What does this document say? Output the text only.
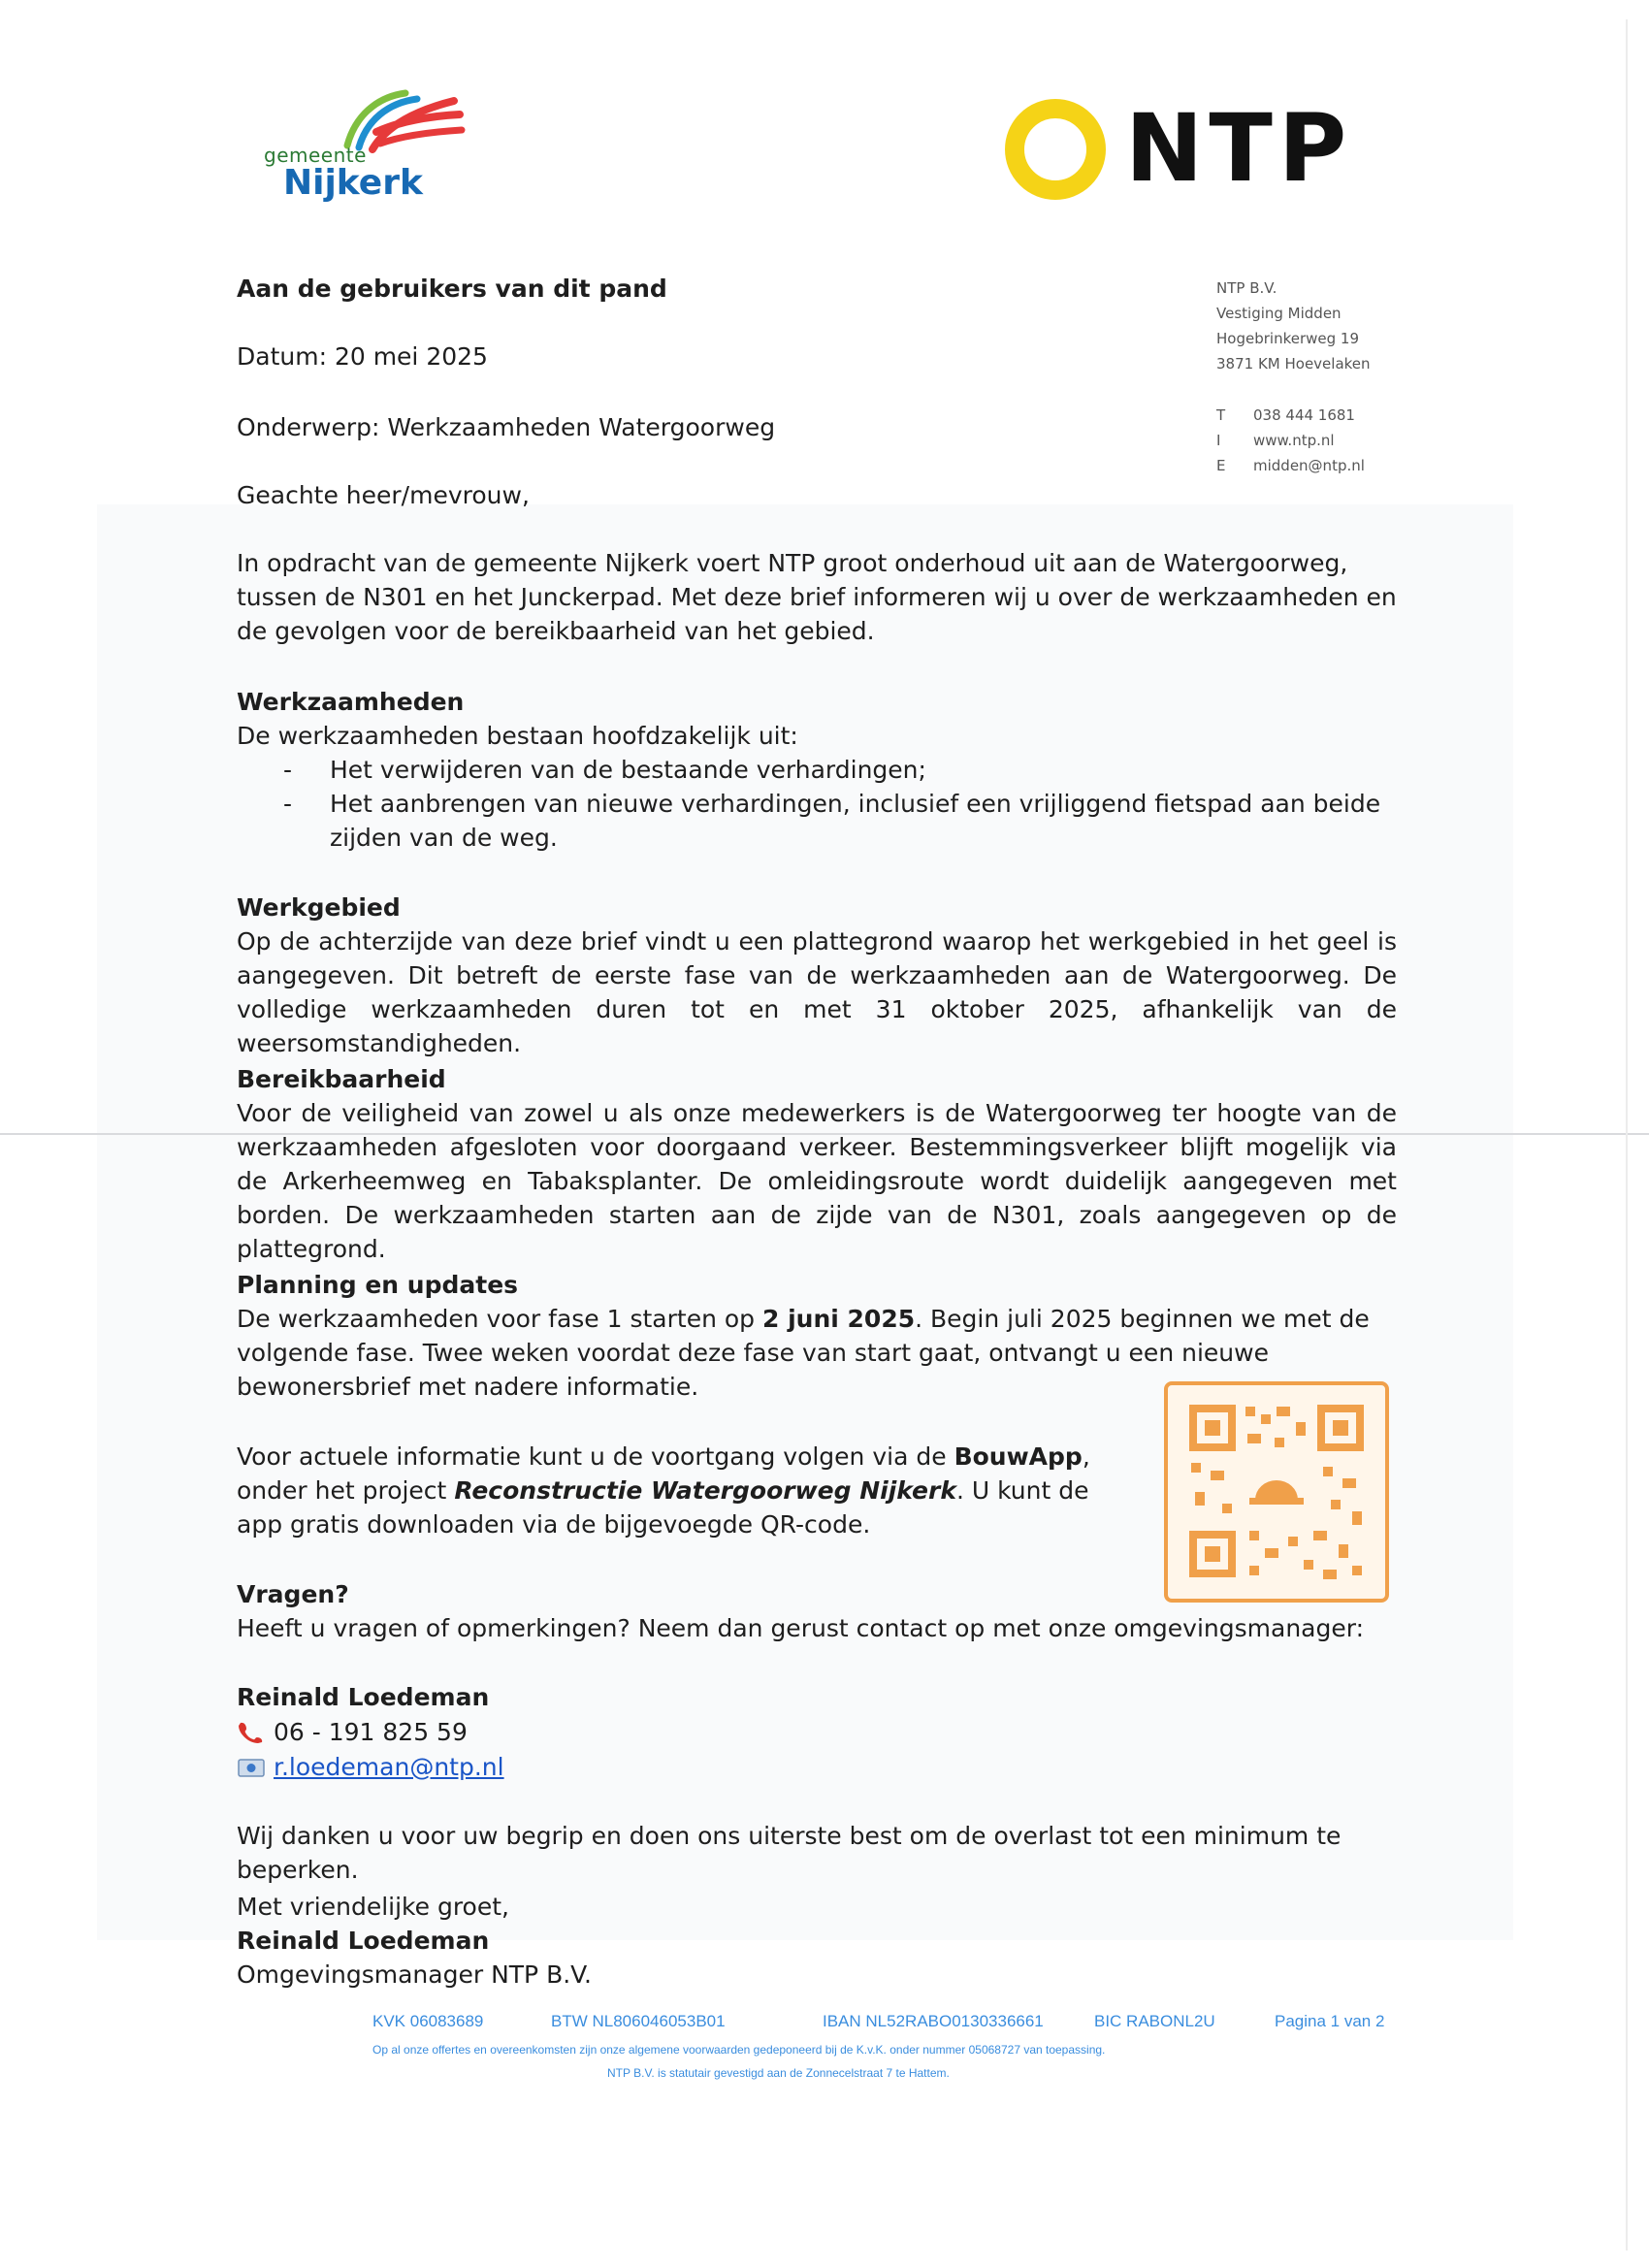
gemeente
Nijkerk	NTP
NTP B.V.
Vestiging Midden
Hogebrinkerweg 19
3871 KM Hoevelaken
T	038 444 1681
I	www.ntp.nl
E	midden@ntp.nl
Aan de gebruikers van dit pand
Datum: 20 mei 2025
Onderwerp: Werkzaamheden Watergoorweg
Geachte heer/mevrouw,
In opdracht van de gemeente Nijkerk voert NTP groot onderhoud uit aan de Watergoorweg, tussen de N301 en het Junckerpad. Met deze brief informeren wij u over de werkzaamheden en de gevolgen voor de bereikbaarheid van het gebied.
Werkzaamheden
De werkzaamheden bestaan hoofdzakelijk uit:
- Het verwijderen van de bestaande verhardingen;
- Het aanbrengen van nieuwe verhardingen, inclusief een vrijliggend fietspad aan beide zijden van de weg.
Werkgebied
Op de achterzijde van deze brief vindt u een plattegrond waarop het werkgebied in het geel is aangegeven. Dit betreft de eerste fase van de werkzaamheden aan de Watergoorweg. De volledige werkzaamheden duren tot en met 31 oktober 2025, afhankelijk van de weersomstandigheden.
Bereikbaarheid
Voor de veiligheid van zowel u als onze medewerkers is de Watergoorweg ter hoogte van de werkzaamheden afgesloten voor doorgaand verkeer. Bestemmingsverkeer blijft mogelijk via de Arkerheemweg en Tabaksplanter. De omleidingsroute wordt duidelijk aangegeven met borden. De werkzaamheden starten aan de zijde van de N301, zoals aangegeven op de plattegrond.
Planning en updates
De werkzaamheden voor fase 1 starten op 2 juni 2025. Begin juli 2025 beginnen we met de volgende fase. Twee weken voordat deze fase van start gaat, ontvangt u een nieuwe bewonersbrief met nadere informatie.
Voor actuele informatie kunt u de voortgang volgen via de BouwApp, onder het project Reconstructie Watergoorweg Nijkerk. U kunt de app gratis downloaden via de bijgevoegde QR-code.
Vragen?
Heeft u vragen of opmerkingen? Neem dan gerust contact op met onze omgevingsmanager:
Reinald Loedeman
06 - 191 825 59
r.loedeman@ntp.nl
Wij danken u voor uw begrip en doen ons uiterste best om de overlast tot een minimum te beperken.
Met vriendelijke groet,
Reinald Loedeman
Omgevingsmanager NTP B.V.
KVK 06083689	BTW NL806046053B01	IBAN NL52RABO0130336661	BIC RABONL2U	Pagina 1 van 2
Op al onze offertes en overeenkomsten zijn onze algemene voorwaarden gedeponeerd bij de K.v.K. onder nummer 05068727 van toepassing.
NTP B.V. is statutair gevestigd aan de Zonnecelstraat 7 te Hattem.
